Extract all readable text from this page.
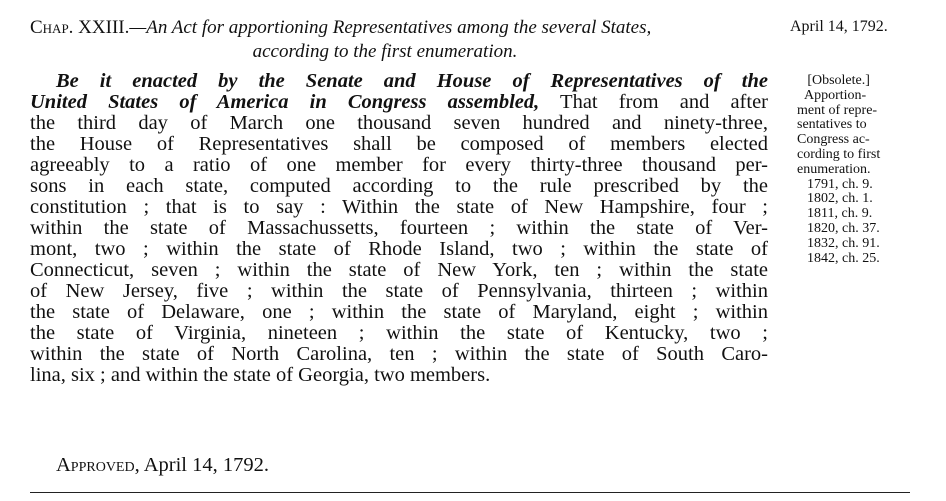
Chap. XXIII.—An Act for apportioning Representatives among the several States,
according to the first enumeration.
April 14, 1792.
Be it enacted by the Senate and House of Representatives of the
United States of America in Congress assembled, That from and after
the third day of March one thousand seven hundred and ninety-three,
the House of Representatives shall be composed of members elected
agreeably to a ratio of one member for every thirty-three thousand per-
sons in each state, computed according to the rule prescribed by the
constitution ; that is to say : Within the state of New Hampshire, four ;
within the state of Massachussetts, fourteen ; within the state of Ver-
mont, two ; within the state of Rhode Island, two ; within the state of
Connecticut, seven ; within the state of New York, ten ; within the state
of New Jersey, five ; within the state of Pennsylvania, thirteen ; within
the state of Delaware, one ; within the state of Maryland, eight ; within
the state of Virginia, nineteen ; within the state of Kentucky, two ;
within the state of North Carolina, ten ; within the state of South Caro-
lina, six ; and within the state of Georgia, two members.
Approved, April 14, 1792.
[Obsolete.]
Apportion-
ment of repre-
sentatives to
Congress ac-
cording to first
enumeration.
1791, ch. 9.
1802, ch. 1.
1811, ch. 9.
1820, ch. 37.
1832, ch. 91.
1842, ch. 25.
